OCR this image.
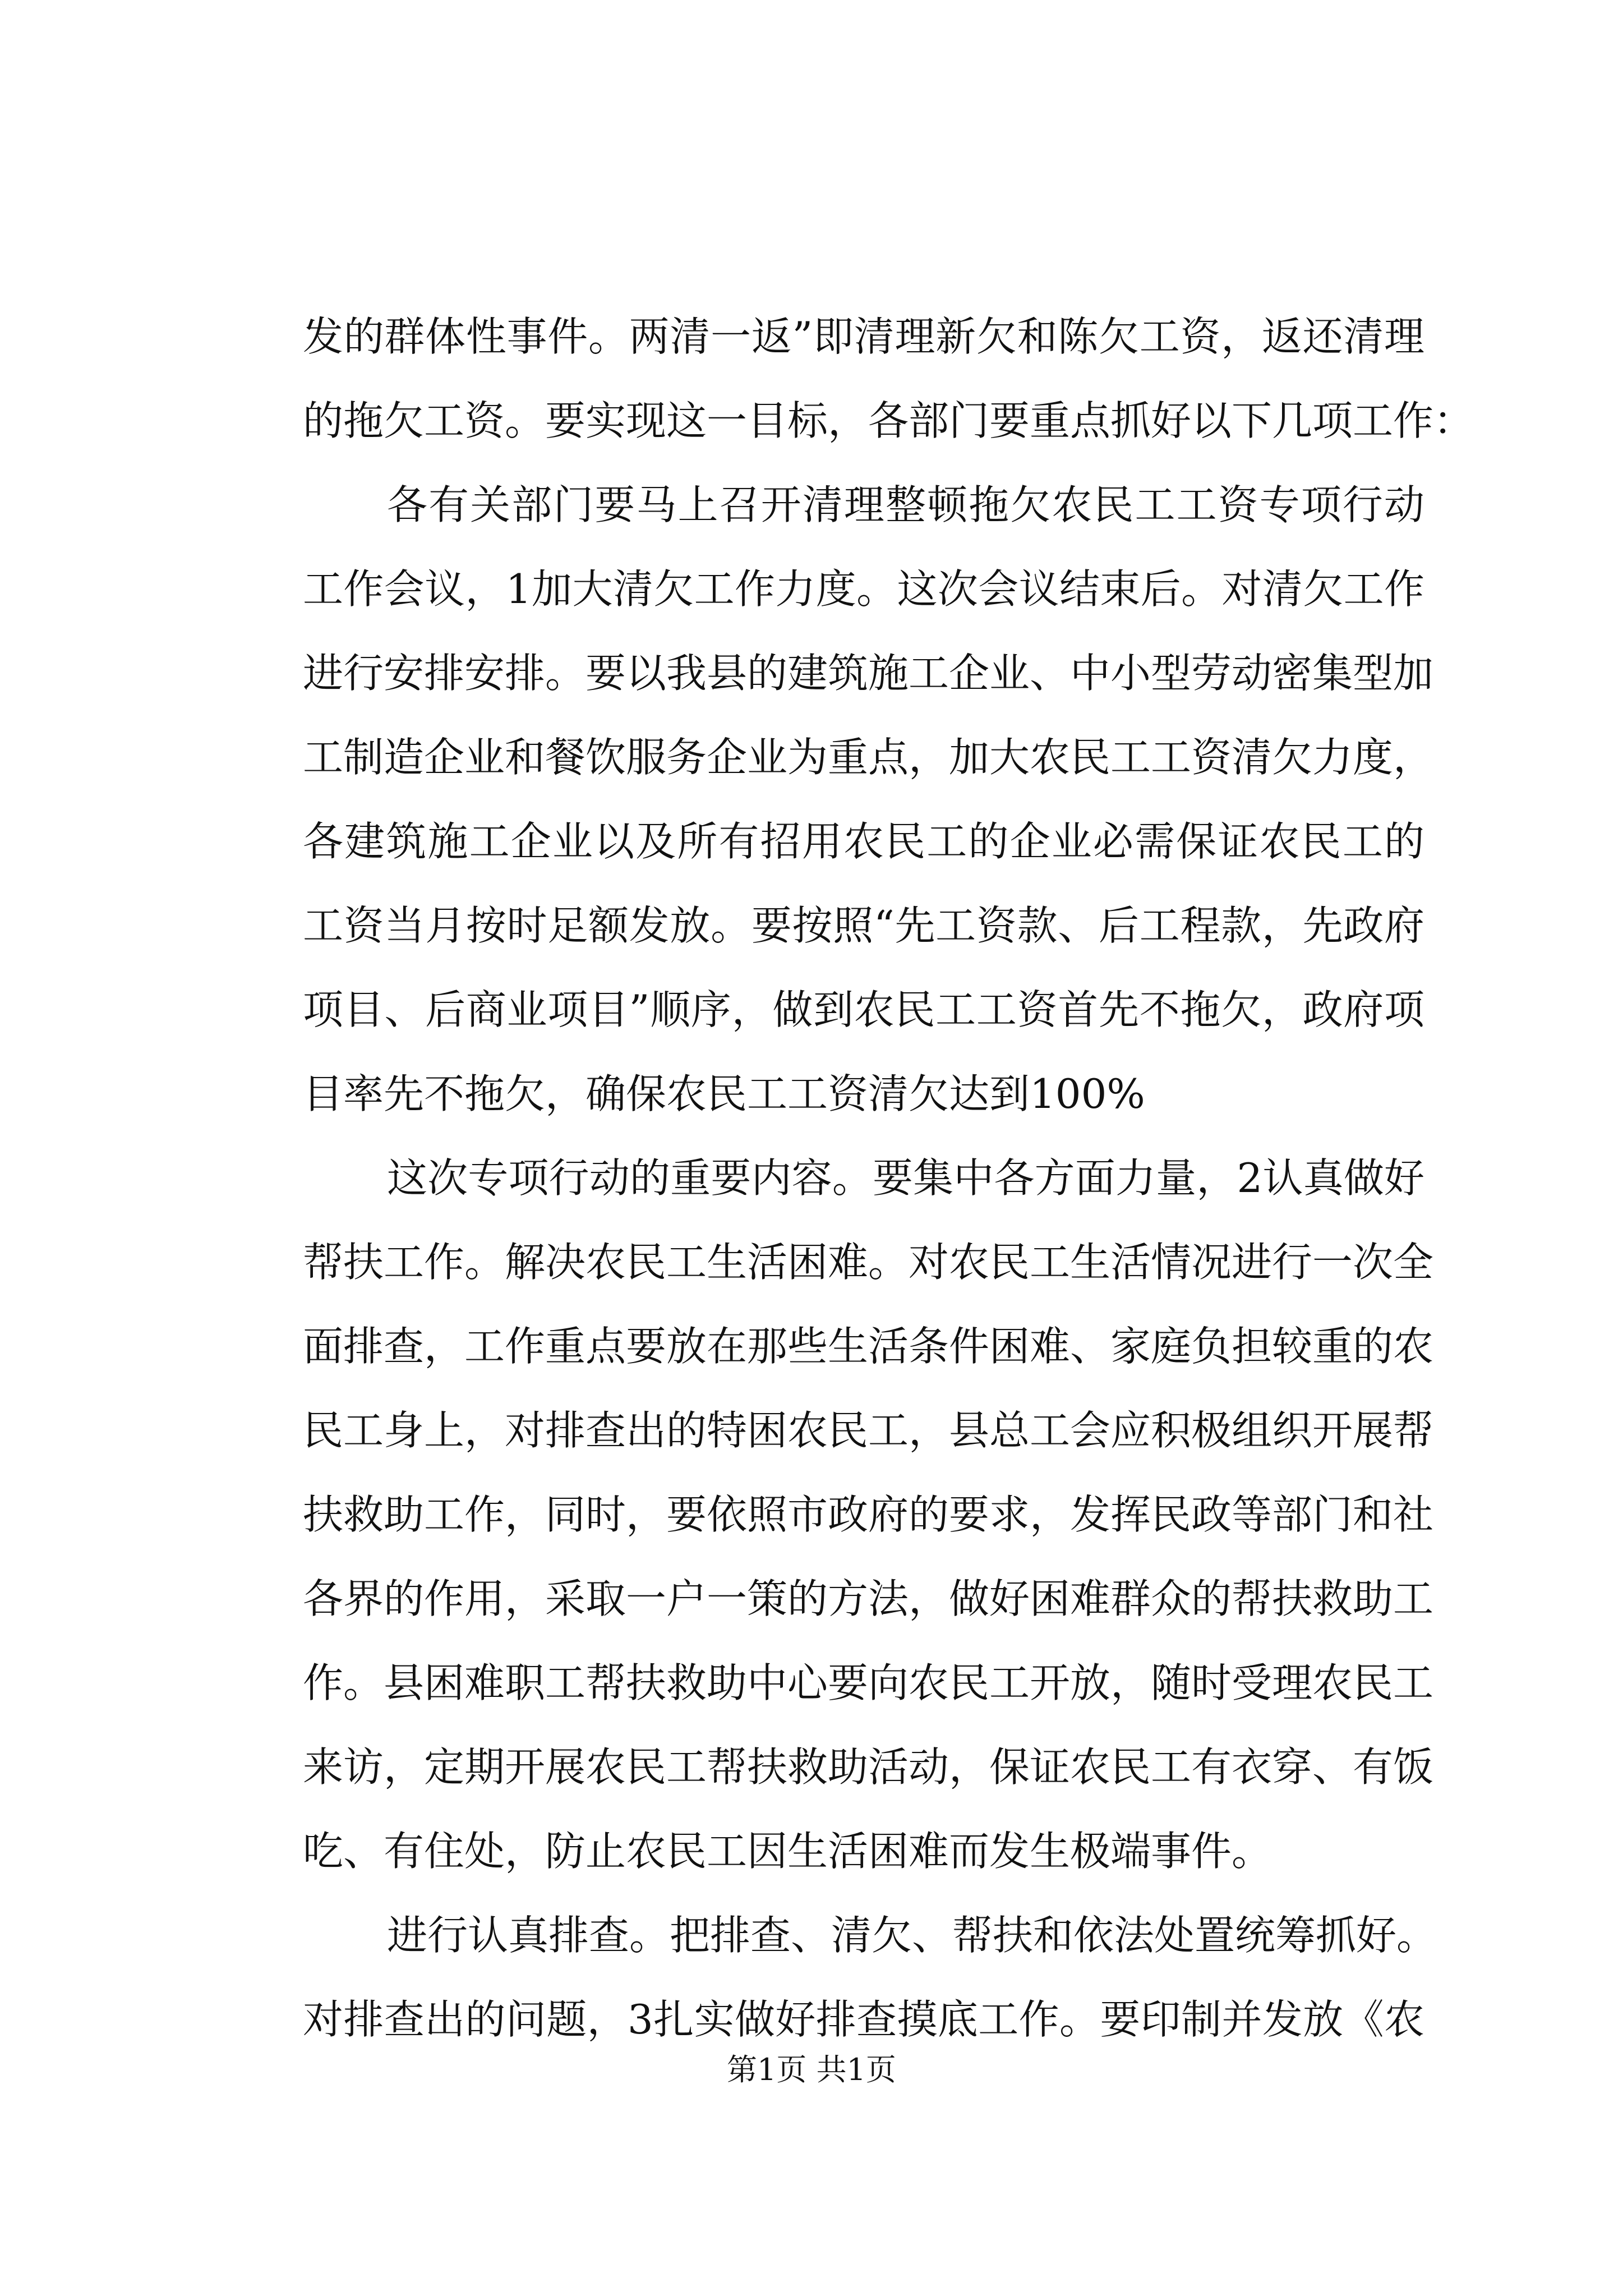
发的群体性事件。两清一返”即清理新欠和陈欠工资，返还清理
的拖欠工资。要实现这一目标，各部门要重点抓好以下几项工作：
各有关部门要马上召开清理整顿拖欠农民工工资专项行动
工作会议，1加大清欠工作力度。这次会议结束后。对清欠工作
进行安排安排。要以我县的建筑施工企业、中小型劳动密集型加
工制造企业和餐饮服务企业为重点，加大农民工工资清欠力度，
各建筑施工企业以及所有招用农民工的企业必需保证农民工的
工资当月按时足额发放。要按照“先工资款、后工程款，先政府
项目、后商业项目”顺序，做到农民工工资首先不拖欠，政府项
目率先不拖欠，确保农民工工资清欠达到100%
这次专项行动的重要内容。要集中各方面力量，2认真做好
帮扶工作。解决农民工生活困难。对农民工生活情况进行一次全
面排查，工作重点要放在那些生活条件困难、家庭负担较重的农
民工身上，对排查出的特困农民工，县总工会应积极组织开展帮
扶救助工作，同时，要依照市政府的要求，发挥民政等部门和社
各界的作用，采取一户一策的方法，做好困难群众的帮扶救助工
作。县困难职工帮扶救助中心要向农民工开放，随时受理农民工
来访，定期开展农民工帮扶救助活动，保证农民工有衣穿、有饭
吃、有住处，防止农民工因生活困难而发生极端事件。
进行认真排查。把排查、清欠、帮扶和依法处置统筹抓好。
对排查出的问题，3扎实做好排查摸底工作。要印制并发放《农
第1页 共1页
